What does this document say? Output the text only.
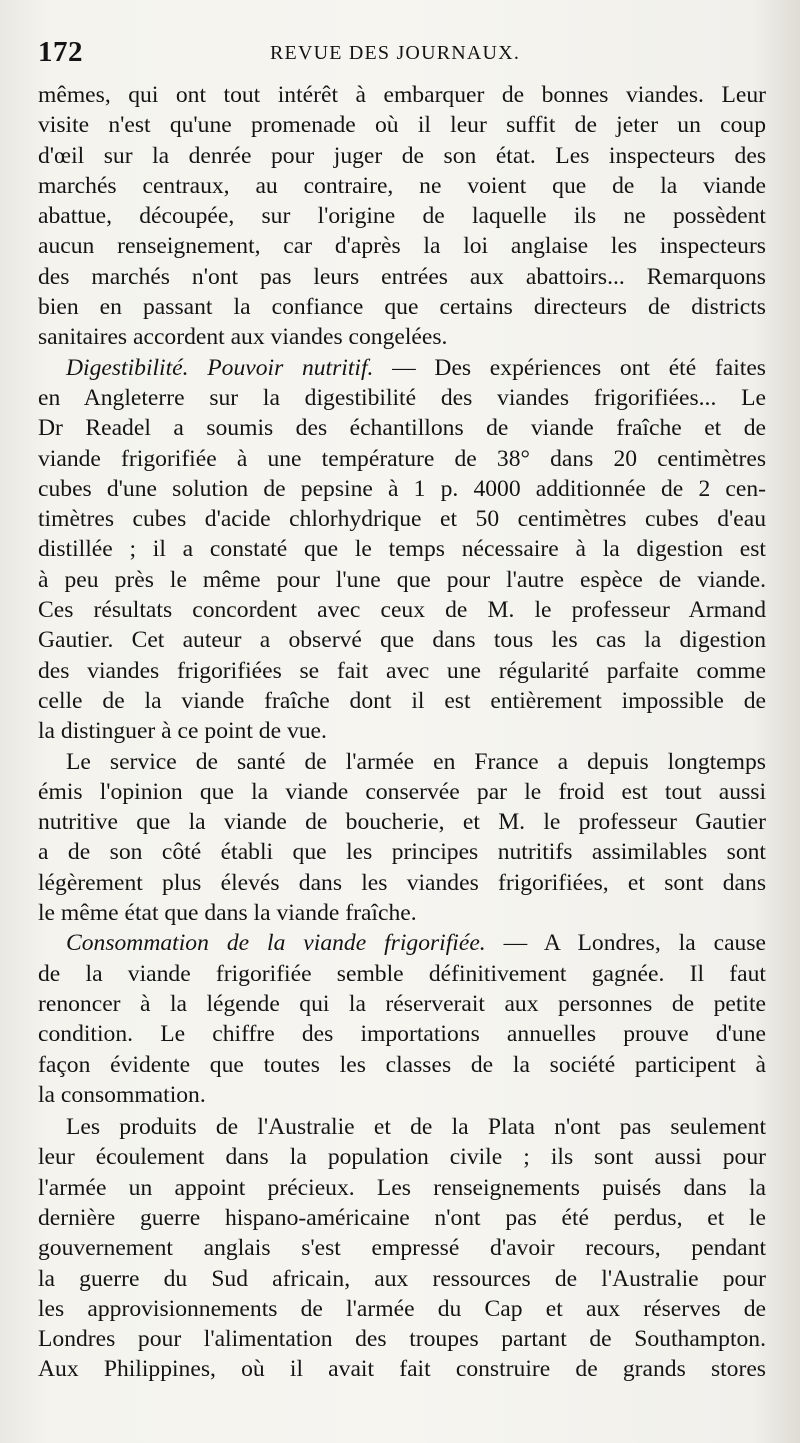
172	REVUE DES JOURNAUX.
mêmes, qui ont tout intérêt à embarquer de bonnes viandes. Leur
visite n'est qu'une promenade où il leur suffit de jeter un coup
d'œil sur la denrée pour juger de son état. Les inspecteurs des
marchés centraux, au contraire, ne voient que de la viande
abattue, découpée, sur l'origine de laquelle ils ne possèdent
aucun renseignement, car d'après la loi anglaise les inspecteurs
des marchés n'ont pas leurs entrées aux abattoirs... Remarquons
bien en passant la confiance que certains directeurs de districts
sanitaires accordent aux viandes congelées.
Digestibilité. Pouvoir nutritif. — Des expériences ont été faites
en Angleterre sur la digestibilité des viandes frigorifiées... Le
Dr Readel a soumis des échantillons de viande fraîche et de
viande frigorifiée à une température de 38° dans 20 centimètres
cubes d'une solution de pepsine à 1 p. 4000 additionnée de 2 cen-
timètres cubes d'acide chlorhydrique et 50 centimètres cubes d'eau
distillée ; il a constaté que le temps nécessaire à la digestion est
à peu près le même pour l'une que pour l'autre espèce de viande.
Ces résultats concordent avec ceux de M. le professeur Armand
Gautier. Cet auteur a observé que dans tous les cas la digestion
des viandes frigorifiées se fait avec une régularité parfaite comme
celle de la viande fraîche dont il est entièrement impossible de
la distinguer à ce point de vue.
Le service de santé de l'armée en France a depuis longtemps
émis l'opinion que la viande conservée par le froid est tout aussi
nutritive que la viande de boucherie, et M. le professeur Gautier
a de son côté établi que les principes nutritifs assimilables sont
légèrement plus élevés dans les viandes frigorifiées, et sont dans
le même état que dans la viande fraîche.
Consommation de la viande frigorifiée. — A Londres, la cause
de la viande frigorifiée semble définitivement gagnée. Il faut
renoncer à la légende qui la réserverait aux personnes de petite
condition. Le chiffre des importations annuelles prouve d'une
façon évidente que toutes les classes de la société participent à
la consommation.
Les produits de l'Australie et de la Plata n'ont pas seulement
leur écoulement dans la population civile ; ils sont aussi pour
l'armée un appoint précieux. Les renseignements puisés dans la
dernière guerre hispano-américaine n'ont pas été perdus, et le
gouvernement anglais s'est empressé d'avoir recours, pendant
la guerre du Sud africain, aux ressources de l'Australie pour
les approvisionnements de l'armée du Cap et aux réserves de
Londres pour l'alimentation des troupes partant de Southampton.
Aux Philippines, où il avait fait construire de grands stores
